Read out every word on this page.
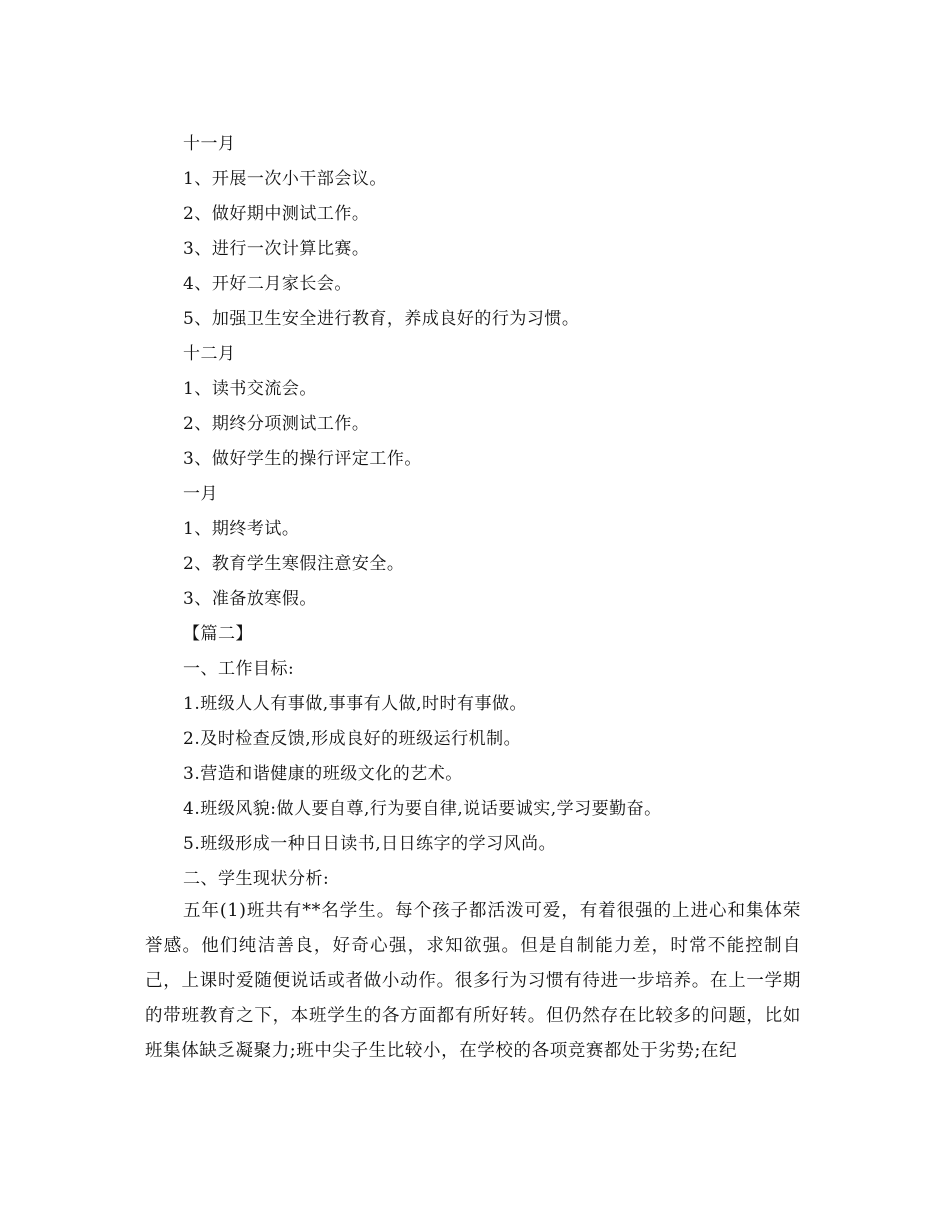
十一月
1、开展一次小干部会议。
2、做好期中测试工作。
3、进行一次计算比赛。
4、开好二月家长会。
5、加强卫生安全进行教育，养成良好的行为习惯。
十二月
1、读书交流会。
2、期终分项测试工作。
3、做好学生的操行评定工作。
一月
1、期终考试。
2、教育学生寒假注意安全。
3、准备放寒假。
【篇二】
一、工作目标:
1.班级人人有事做,事事有人做,时时有事做。
2.及时检查反馈,形成良好的班级运行机制。
3.营造和谐健康的班级文化的艺术。
4.班级风貌:做人要自尊,行为要自律,说话要诚实,学习要勤奋。
5.班级形成一种日日读书,日日练字的学习风尚。
二、学生现状分析:
五年(1)班共有**名学生。每个孩子都活泼可爱，有着很强的上进心和集体荣誉感。他们纯洁善良，好奇心强，求知欲强。但是自制能力差，时常不能控制自己，上课时爱随便说话或者做小动作。很多行为习惯有待进一步培养。在上一学期的带班教育之下，本班学生的各方面都有所好转。但仍然存在比较多的问题，比如班集体缺乏凝聚力;班中尖子生比较小，在学校的各项竞赛都处于劣势;在纪
